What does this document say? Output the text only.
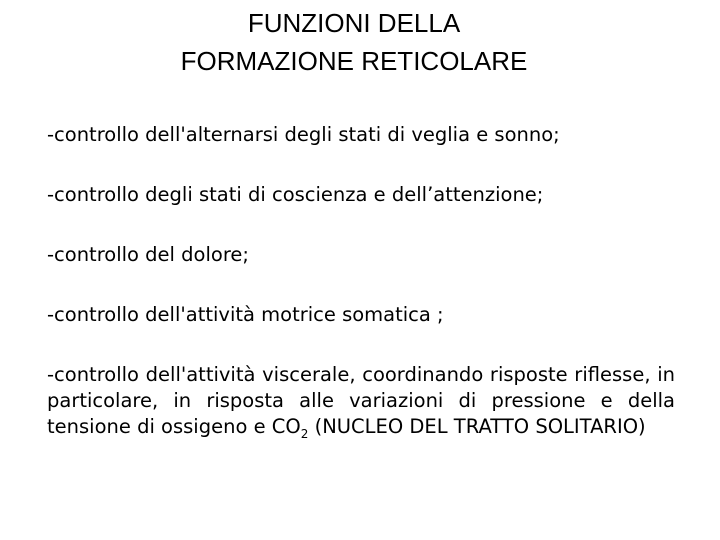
FUNZIONI DELLA
FORMAZIONE RETICOLARE
-controllo dell'alternarsi degli stati di veglia e sonno;
-controllo degli stati di coscienza e dell’attenzione;
-controllo del dolore;
-controllo dell'attività motrice somatica ;
-controllo dell'attività viscerale, coordinando risposte riflesse, in particolare, in risposta alle variazioni di pressione e della tensione di ossigeno e $CO_2$ (NUCLEO DEL TRATTO SOLITARIO)
